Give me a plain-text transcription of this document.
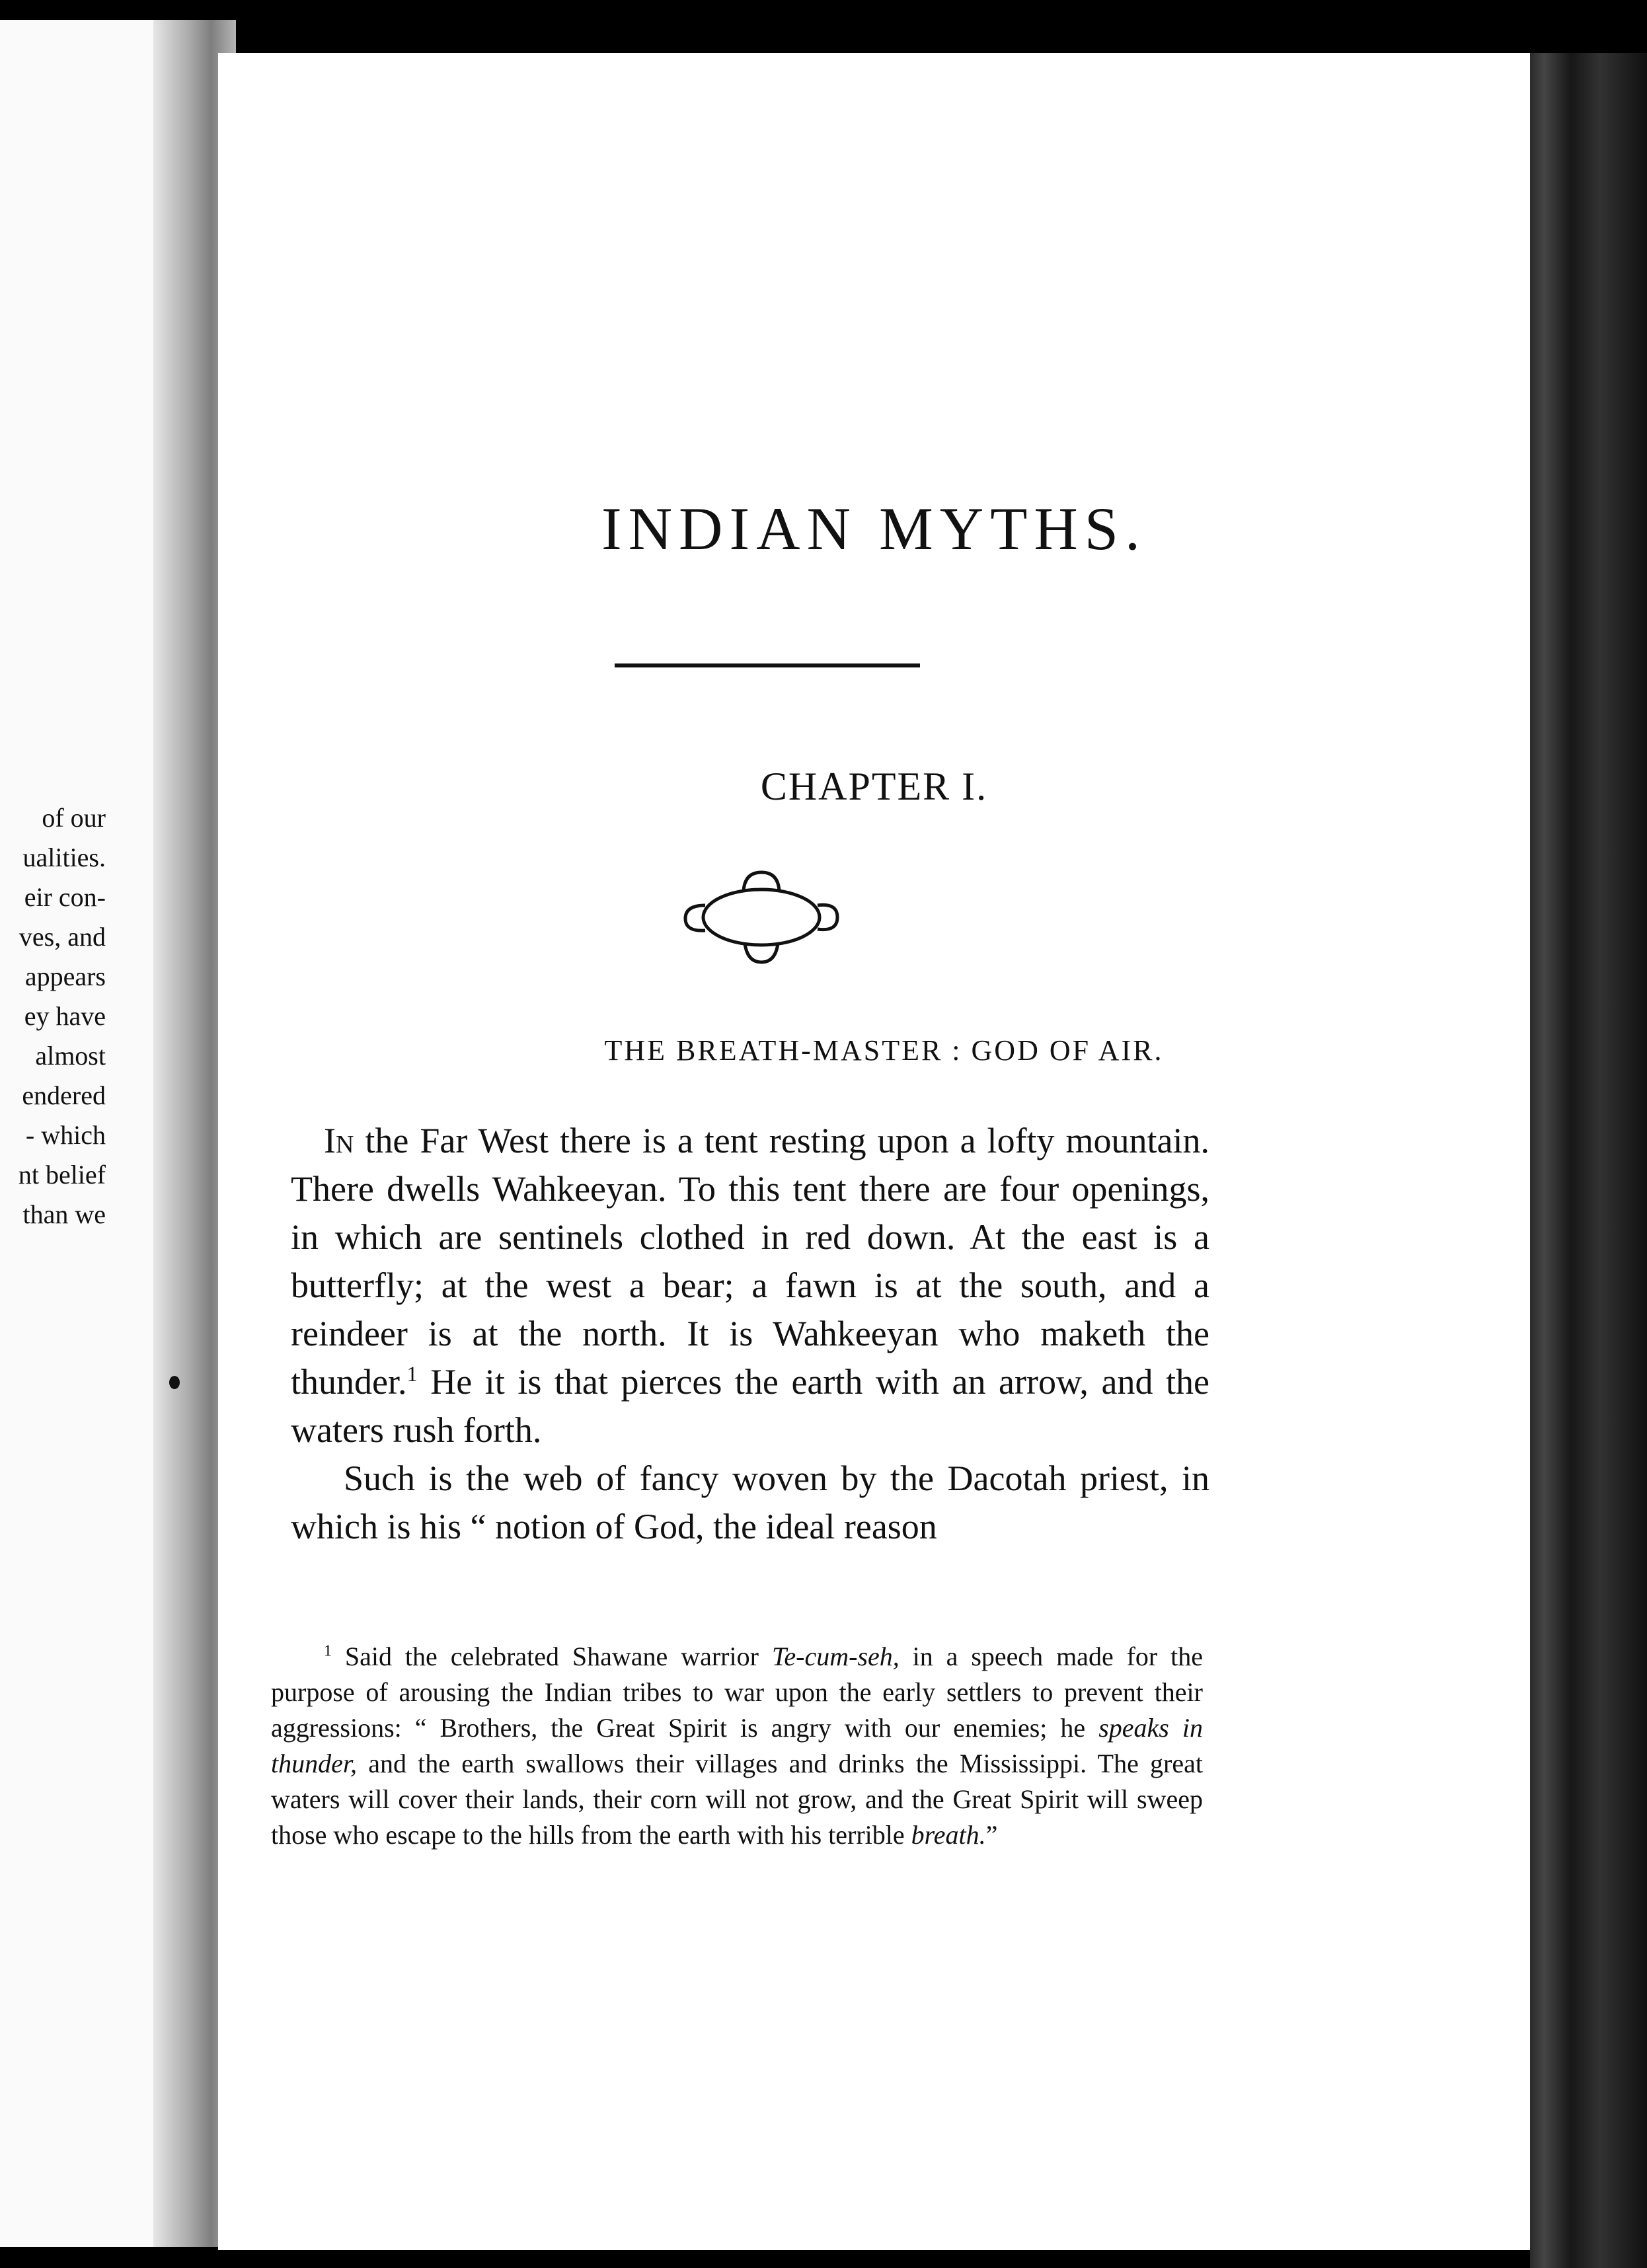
of our
ualities.
eir con-
ves, and
appears
ey have
almost
endered
- which
nt belief
than we
INDIAN MYTHS.
CHAPTER I.
THE BREATH-MASTER : GOD OF AIR.

In the Far West there is a tent resting upon a lofty mountain. There dwells Wahkeeyan. To this tent there are four openings, in which are sentinels clothed in red down. At the east is a butterfly; at the west a bear; a fawn is at the south, and a reindeer is at the north. It is Wahkeeyan who maketh the thunder.$^1$ He it is that pierces the earth with an arrow, and the waters rush forth.

Such is the web of fancy woven by the Dacotah priest, in which is his “ notion of God, the ideal reason

$^1$ Said the celebrated Shawane warrior Te-cum-seh, in a speech made for the purpose of arousing the Indian tribes to war upon the early settlers to prevent their aggressions: “ Brothers, the Great Spirit is angry with our enemies; he speaks in thunder, and the earth swallows their villages and drinks the Mississippi. The great waters will cover their lands, their corn will not grow, and the Great Spirit will sweep those who escape to the hills from the earth with his terrible breath.”
